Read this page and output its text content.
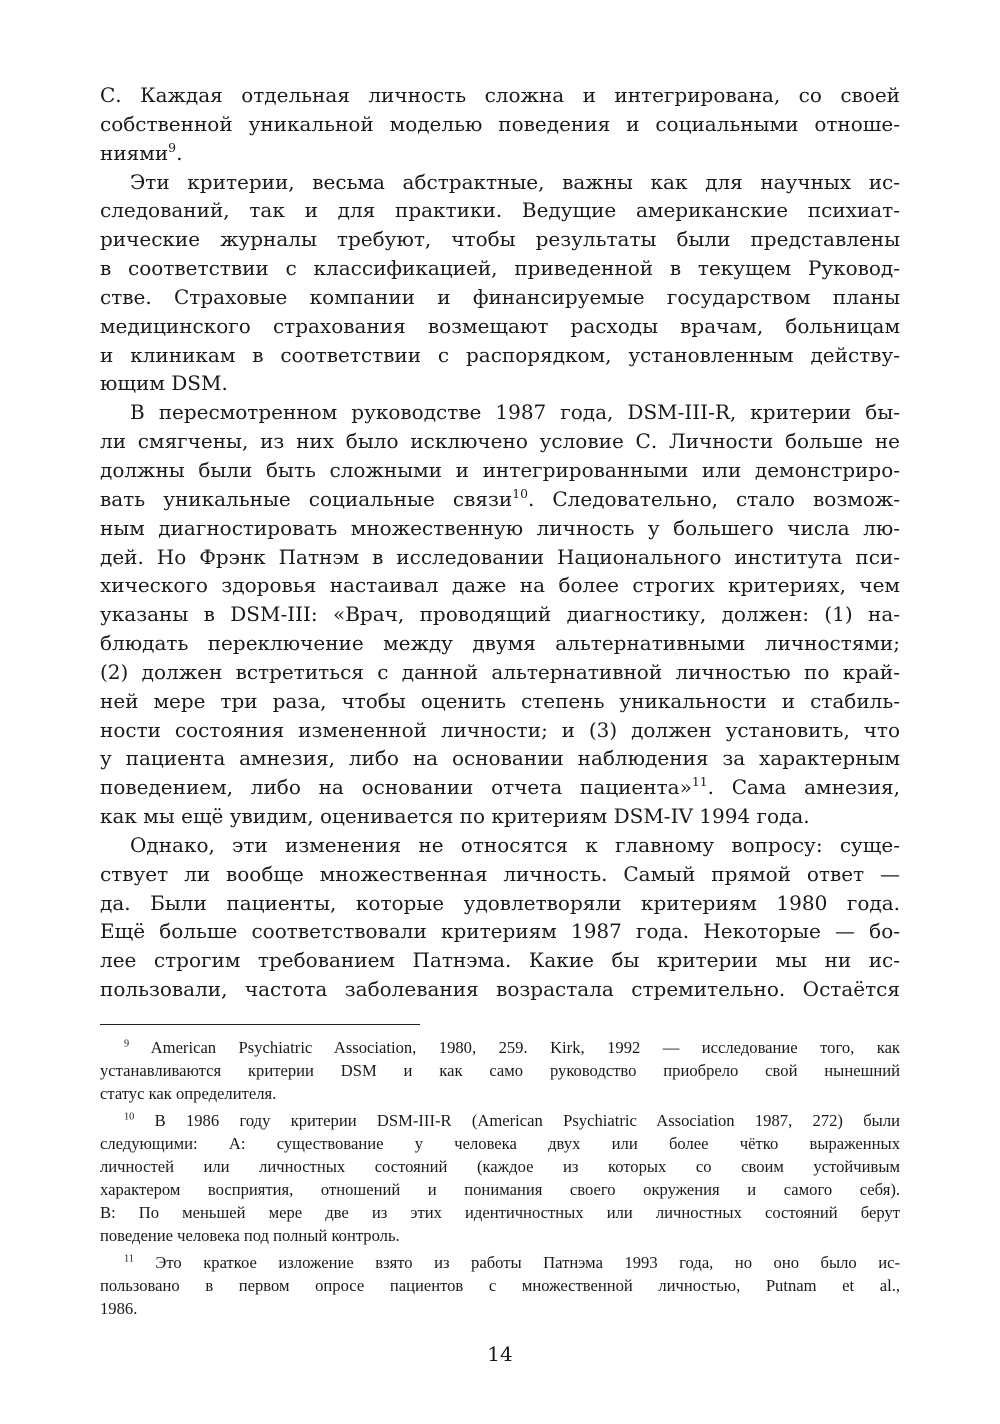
С. Каждая отдельная личность сложна и интегрирована, со своей
собственной уникальной моделью поведения и социальными отноше-
ниями$^9$.
Эти критерии, весьма абстрактные, важны как для научных ис-
следований, так и для практики. Ведущие американские психиат-
рические журналы требуют, чтобы результаты были представлены
в соответствии с классификацией, приведенной в текущем Руковод-
стве. Страховые компании и финансируемые государством планы
медицинского страхования возмещают расходы врачам, больницам
и клиникам в соответствии с распорядком, установленным действу-
ющим DSM.
В пересмотренном руководстве 1987 года, DSM-III-R, критерии бы-
ли смягчены, из них было исключено условие С. Личности больше не
должны были быть сложными и интегрированными или демонстриро-
вать уникальные социальные связи$^{10}$. Следовательно, стало возмож-
ным диагностировать множественную личность у большего числа лю-
дей. Но Фрэнк Патнэм в исследовании Национального института пси-
хического здоровья настаивал даже на более строгих критериях, чем
указаны в DSM-III: «Врач, проводящий диагностику, должен: (1) на-
блюдать переключение между двумя альтернативными личностями;
(2) должен встретиться с данной альтернативной личностью по край-
ней мере три раза, чтобы оценить степень уникальности и стабиль-
ности состояния измененной личности; и (3) должен установить, что
у пациента амнезия, либо на основании наблюдения за характерным
поведением, либо на основании отчета пациента»$^{11}$. Сама амнезия,
как мы ещё увидим, оценивается по критериям DSM-IV 1994 года.
Однако, эти изменения не относятся к главному вопросу: суще-
ствует ли вообще множественная личность. Самый прямой ответ —
да. Были пациенты, которые удовлетворяли критериям 1980 года.
Ещё больше соответствовали критериям 1987 года. Некоторые — бо-
лее строгим требованием Патнэма. Какие бы критерии мы ни ис-
пользовали, частота заболевания возрастала стремительно. Остаётся
$^9$ American Psychiatric Association, 1980, 259. Kirk, 1992 — исследование того, как
устанавливаются критерии DSM и как само руководство приобрело свой нынешний
статус как определителя.
$^{10}$ В 1986 году критерии DSM-III-R (American Psychiatric Association 1987, 272) были
следующими: А: существование у человека двух или более чётко выраженных
личностей или личностных состояний (каждое из которых со своим устойчивым
характером восприятия, отношений и понимания своего окружения и самого себя).
В: По меньшей мере две из этих идентичностных или личностных состояний берут
поведение человека под полный контроль.
$^{11}$ Это краткое изложение взято из работы Патнэма 1993 года, но оно было ис-
пользовано в первом опросе пациентов с множественной личностью, Putnam et al.,
1986.
14
